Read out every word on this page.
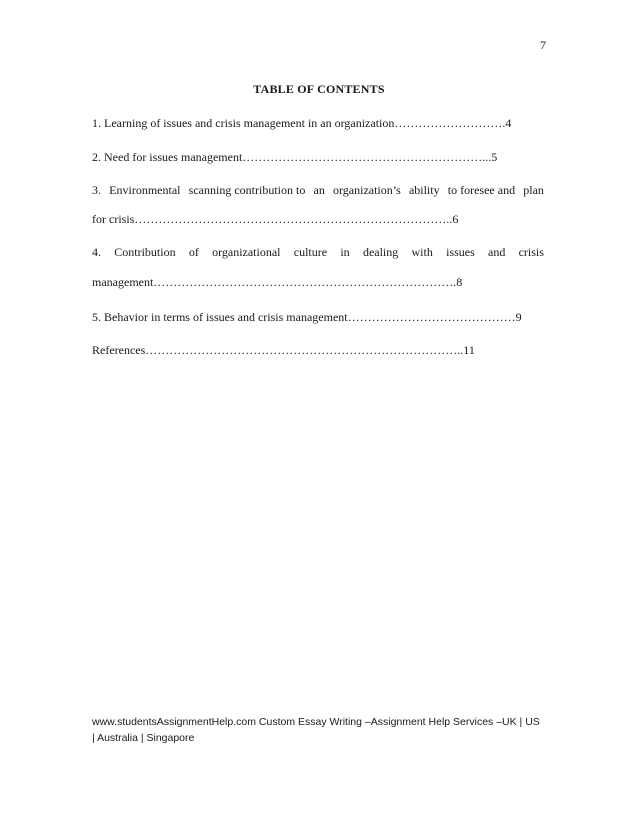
7
TABLE OF CONTENTS
1. Learning of issues and crisis management in an organization……………………….4
2. Need for issues management……………………………………………………...5
3. Environmental scanning contribution to an organization’s ability to foresee and plan
for crisis……………………………………………………………………..6
4. Contribution of organizational culture in dealing with issues and crisis
management………………………………………………………………….8
5. Behavior in terms of issues and crisis management……………………………………9
References……………………………………………………………………..11
www.studentsAssignmentHelp.com Custom Essay Writing –Assignment Help Services –UK | US
| Australia | Singapore
